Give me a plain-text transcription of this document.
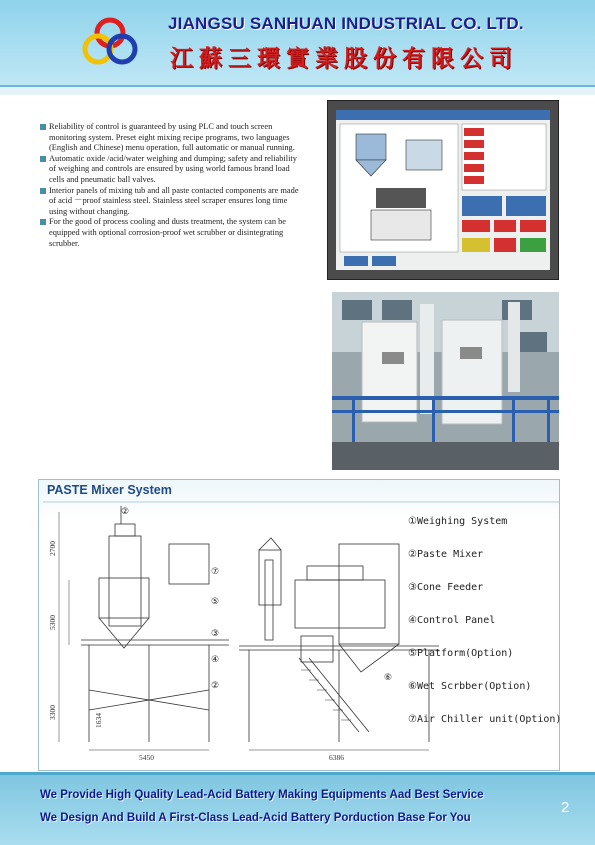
JIANGSU SANHUAN INDUSTRIAL CO. LTD.
江蘇三環實業股份有限公司

Reliability of control is guaranteed by using PLC and touch screen monitoring system. Preset eight mixing recipe programs, two languages (English and Chinese) menu operation, full automatic or manual running.

Automatic oxide /acid/water weighing and dumping; safety and reliability of weighing and controls are ensured by using world famous brand load cells and pneumatic ball valves.

Interior panels of mixing tub and all paste contacted components are made of acid －proof stainless steel. Stainless steel scraper ensures long time using without changing.

For the good of process cooling and dusts treatment, the system can be equipped with optional corrosion-proof wet scrubber or disintegrating scrubber.

PASTE Mixer System
2700
5300
3300
1634
5450	6386
②
⑦
⑤
③
④
②
⑥
①Weighing System
②Paste Mixer
③Cone Feeder
④Control Panel
⑤Platform(Option)
⑥Wet Scrbber(Option)
⑦Air Chiller unit(Option)
We Provide High Quality Lead-Acid Battery Making Equipments Aad Best Service
We Design And Build A First-Class Lead-Acid Battery Porduction Base For You
2
